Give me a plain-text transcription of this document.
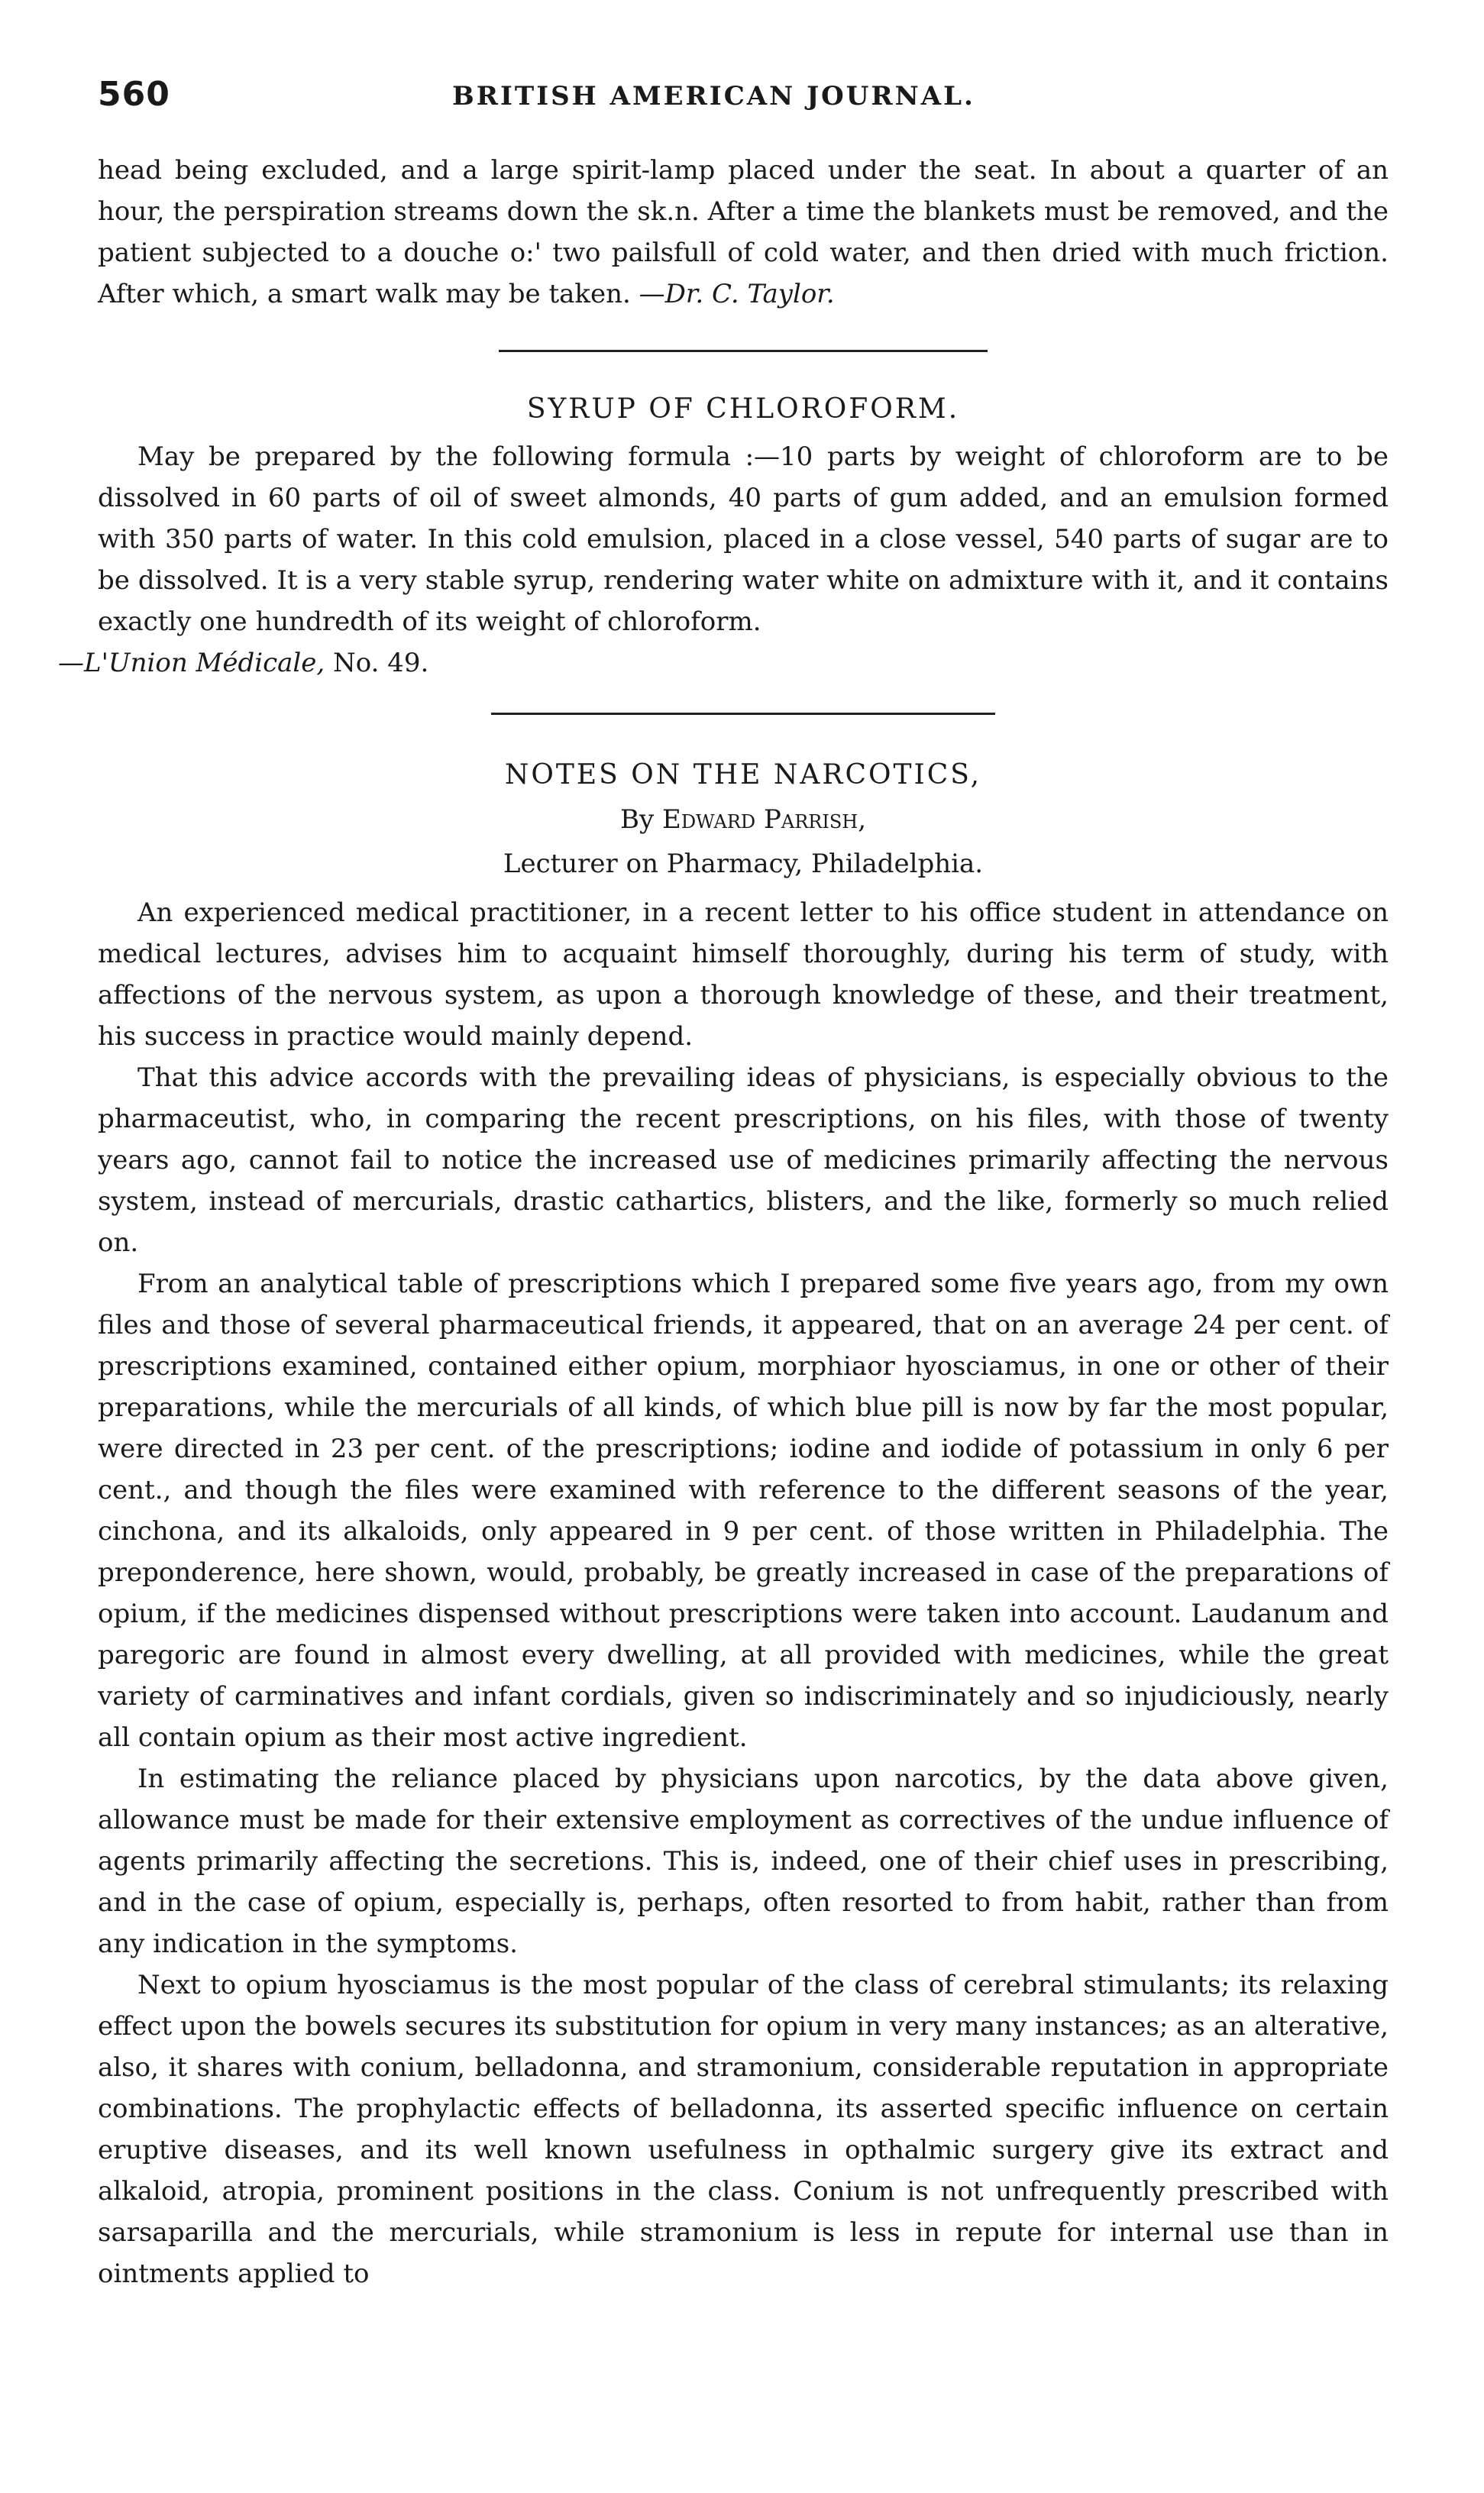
560	BRITISH AMERICAN JOURNAL.

head being excluded, and a large spirit-lamp placed under the seat. In about a quarter of an hour, the perspiration streams down the sk.n. After a time the blankets must be removed, and the patient subjected to a douche o:' two pailsfull of cold water, and then dried with much friction. After which, a smart walk may be taken. —Dr. C. Taylor.

SYRUP OF CHLOROFORM.

May be prepared by the following formula :—10 parts by weight of chloroform are to be dissolved in 60 parts of oil of sweet almonds, 40 parts of gum added, and an emulsion formed with 350 parts of water. In this cold emulsion, placed in a close vessel, 540 parts of sugar are to be dissolved. It is a very stable syrup, rendering water white on admixture with it, and it contains exactly one hundredth of its weight of chloroform.
—L'Union Médicale, No. 49.

NOTES ON THE NARCOTICS,
By Edward Parrish,
Lecturer on Pharmacy, Philadelphia.

An experienced medical practitioner, in a recent letter to his office student in attendance on medical lectures, advises him to acquaint himself thoroughly, during his term of study, with affections of the nervous system, as upon a thorough knowledge of these, and their treatment, his success in practice would mainly depend.

That this advice accords with the prevailing ideas of physicians, is especially obvious to the pharmaceutist, who, in comparing the recent prescriptions, on his files, with those of twenty years ago, cannot fail to notice the increased use of medicines primarily affecting the nervous system, instead of mercurials, drastic cathartics, blisters, and the like, formerly so much relied on.

From an analytical table of prescriptions which I prepared some five years ago, from my own files and those of several pharmaceutical friends, it appeared, that on an average 24 per cent. of prescriptions examined, contained either opium, morphiaor hyosciamus, in one or other of their preparations, while the mercurials of all kinds, of which blue pill is now by far the most popular, were directed in 23 per cent. of the prescriptions; iodine and iodide of potassium in only 6 per cent., and though the files were examined with reference to the different seasons of the year, cinchona, and its alkaloids, only appeared in 9 per cent. of those written in Philadelphia. The preponderence, here shown, would, probably, be greatly increased in case of the preparations of opium, if the medicines dispensed without prescriptions were taken into account. Laudanum and paregoric are found in almost every dwelling, at all provided with medicines, while the great variety of carminatives and infant cordials, given so indiscriminately and so injudiciously, nearly all contain opium as their most active ingredient.

In estimating the reliance placed by physicians upon narcotics, by the data above given, allowance must be made for their extensive employment as correctives of the undue influence of agents primarily affecting the secretions. This is, indeed, one of their chief uses in prescribing, and in the case of opium, especially is, perhaps, often resorted to from habit, rather than from any indication in the symptoms.

Next to opium hyosciamus is the most popular of the class of cerebral stimulants; its relaxing effect upon the bowels secures its substitution for opium in very many instances; as an alterative, also, it shares with conium, belladonna, and stramonium, considerable reputation in appropriate combinations. The prophylactic effects of belladonna, its asserted specific influence on certain eruptive diseases, and its well known usefulness in opthalmic surgery give its extract and alkaloid, atropia, prominent positions in the class. Conium is not unfrequently prescribed with sarsaparilla and the mercurials, while stramonium is less in repute for internal use than in ointments applied to
